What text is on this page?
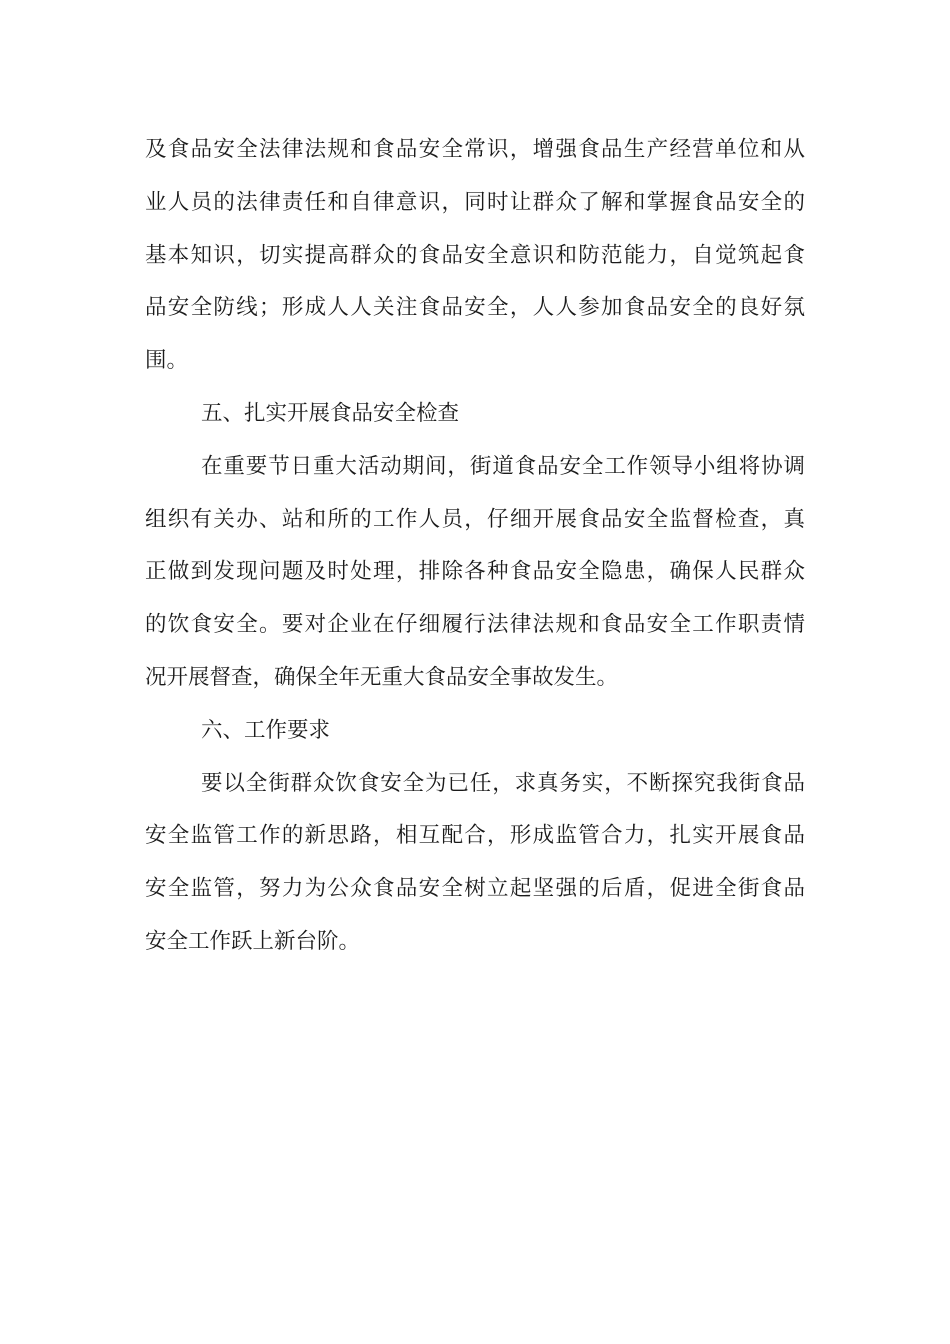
及食品安全法律法规和食品安全常识，增强食品生产经营单位和从
业人员的法律责任和自律意识，同时让群众了解和掌握食品安全的
基本知识，切实提高群众的食品安全意识和防范能力，自觉筑起食
品安全防线；形成人人关注食品安全，人人参加食品安全的良好氛
围。
五、扎实开展食品安全检查
在重要节日重大活动期间，街道食品安全工作领导小组将协调
组织有关办、站和所的工作人员，仔细开展食品安全监督检查，真
正做到发现问题及时处理，排除各种食品安全隐患，确保人民群众
的饮食安全。要对企业在仔细履行法律法规和食品安全工作职责情
况开展督查，确保全年无重大食品安全事故发生。
六、工作要求
要以全街群众饮食安全为已任，求真务实，不断探究我街食品
安全监管工作的新思路，相互配合，形成监管合力，扎实开展食品
安全监管，努力为公众食品安全树立起坚强的后盾，促进全街食品
安全工作跃上新台阶。
